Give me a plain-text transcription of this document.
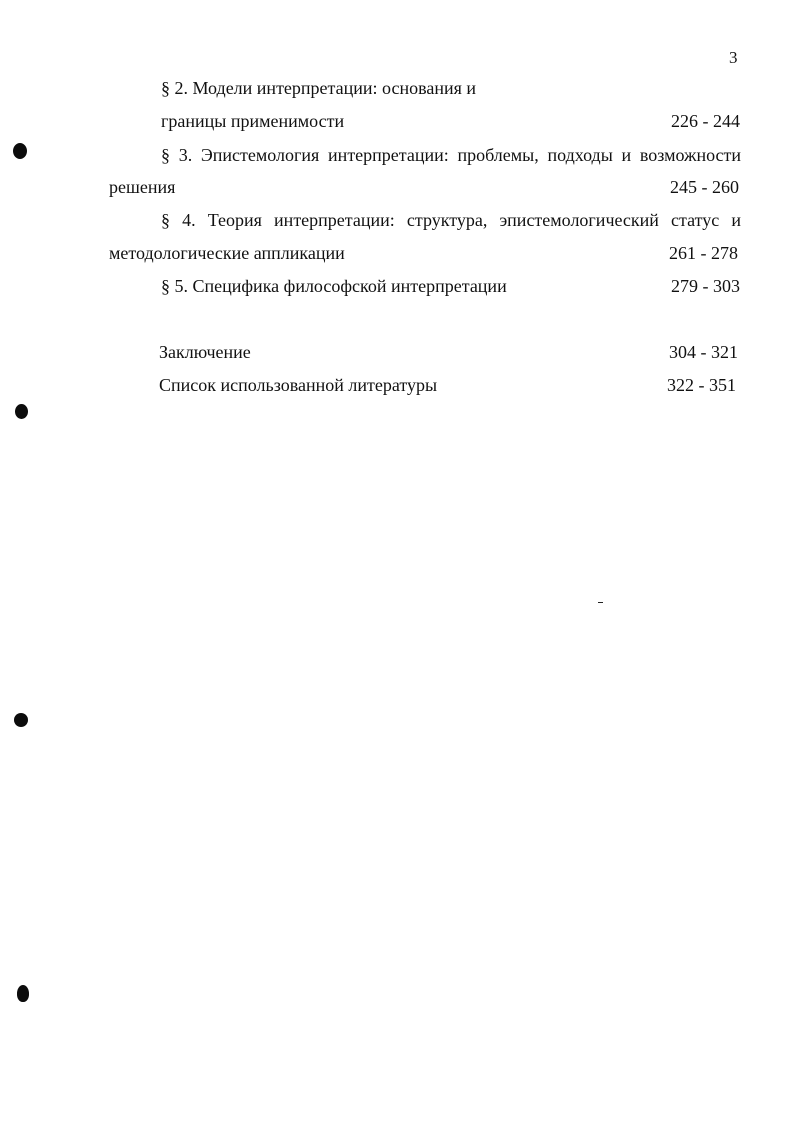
3
§ 2. Модели интерпретации: основания и
границы применимости	226 - 244
§ 3. Эпистемология интерпретации: проблемы, подходы и возможности
решения	245 - 260
§ 4. Теория интерпретации: структура, эпистемологический статус и
методологические аппликации	261 - 278
§ 5. Специфика философской интерпретации	279 - 303
Заключение	304 - 321
Список использованной литературы	322 - 351
